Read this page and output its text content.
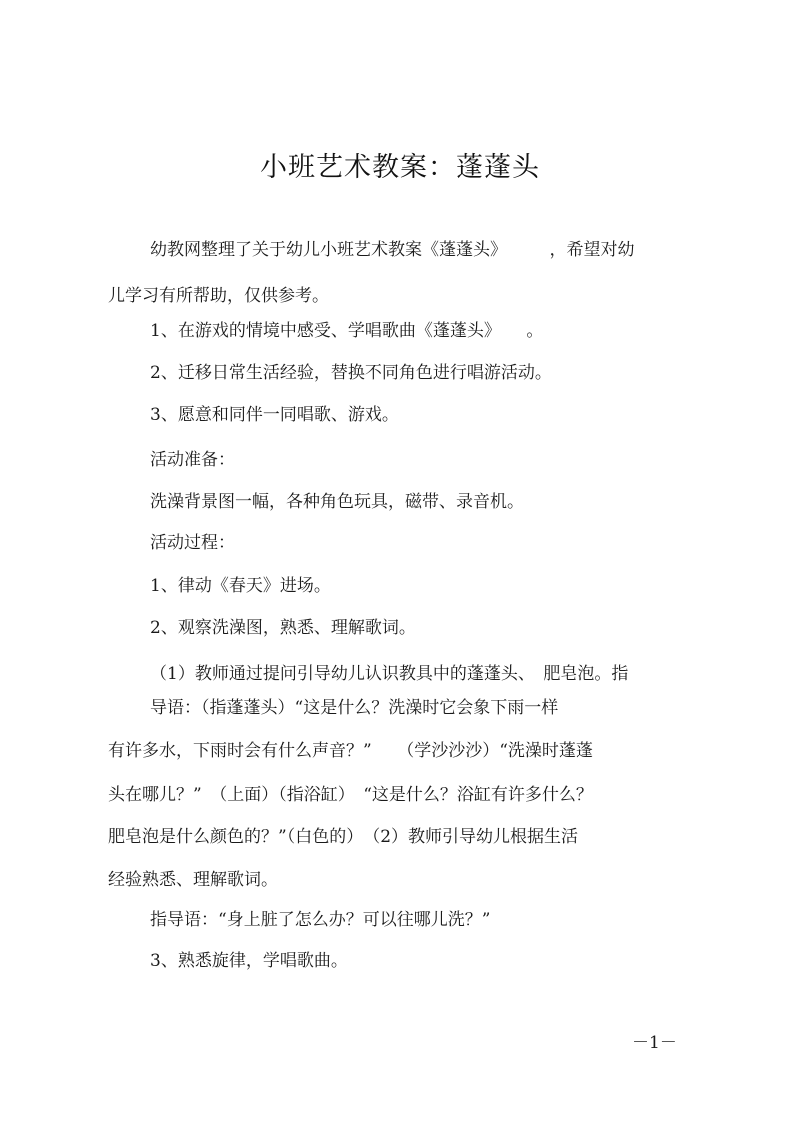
小班艺术教案：蓬蓬头
幼教网整理了关于幼儿小班艺术教案《蓬蓬头》　　　，希望对幼
儿学习有所帮助，仅供参考。
1、在游戏的情境中感受、学唱歌曲《蓬蓬头》　　。
2、迁移日常生活经验，替换不同角色进行唱游活动。
3、愿意和同伴一同唱歌、游戏。
活动准备：
洗澡背景图一幅，各种角色玩具，磁带、录音机。
活动过程：
1、律动《春天》进场。
2、观察洗澡图，熟悉、理解歌词。
（1）教师通过提问引导幼儿认识教具中的蓬蓬头、　肥皂泡。指
导语：（指蓬蓬头）“这是什么？洗澡时它会象下雨一样
有许多水，下雨时会有什么声音？”　　（学沙沙沙）“洗澡时蓬蓬
头在哪儿？”　（上面）（指浴缸）　“这是什么？浴缸有许多什么？
肥皂泡是什么颜色的？”（白色的）　（2）教师引导幼儿根据生活
经验熟悉、理解歌词。
指导语：“身上脏了怎么办？可以往哪儿洗？”
3、熟悉旋律，学唱歌曲。
－1－
